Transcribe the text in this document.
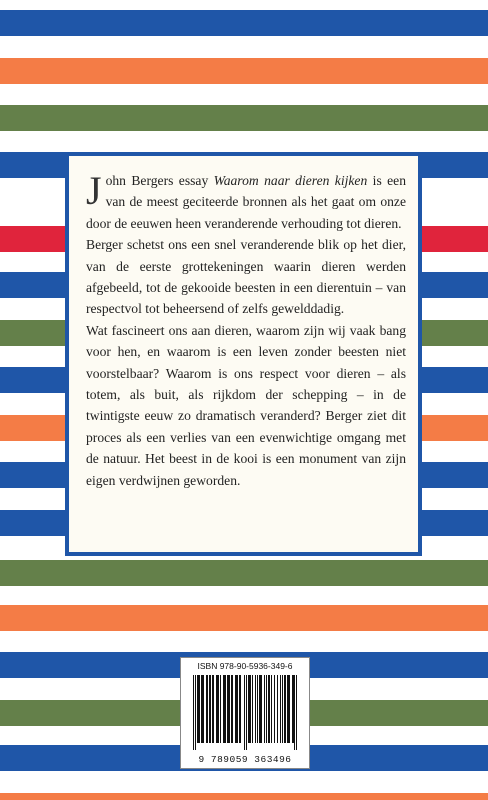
John Bergers essay Waarom naar dieren kijken is een van de meest geciteerde bronnen als het gaat om onze door de eeuwen heen veranderende verhouding tot dieren.

Berger schetst ons een snel veranderende blik op het dier, van de eerste grottekeningen waarin dieren werden afgebeeld, tot de gekooide beesten in een dierentuin – van respectvol tot beheersend of zelfs gewelddadig.

Wat fascineert ons aan dieren, waarom zijn wij vaak bang voor hen, en waarom is een leven zonder beesten niet voorstelbaar? Waarom is ons respect voor dieren – als totem, als buit, als rijkdom der schepping – in de twintigste eeuw zo dramatisch veranderd? Berger ziet dit proces als een verlies van een evenwichtige omgang met de natuur. Het beest in de kooi is een monument van zijn eigen verdwijnen geworden.

ISBN 978-90-5936-349-6
9 789059 363496
